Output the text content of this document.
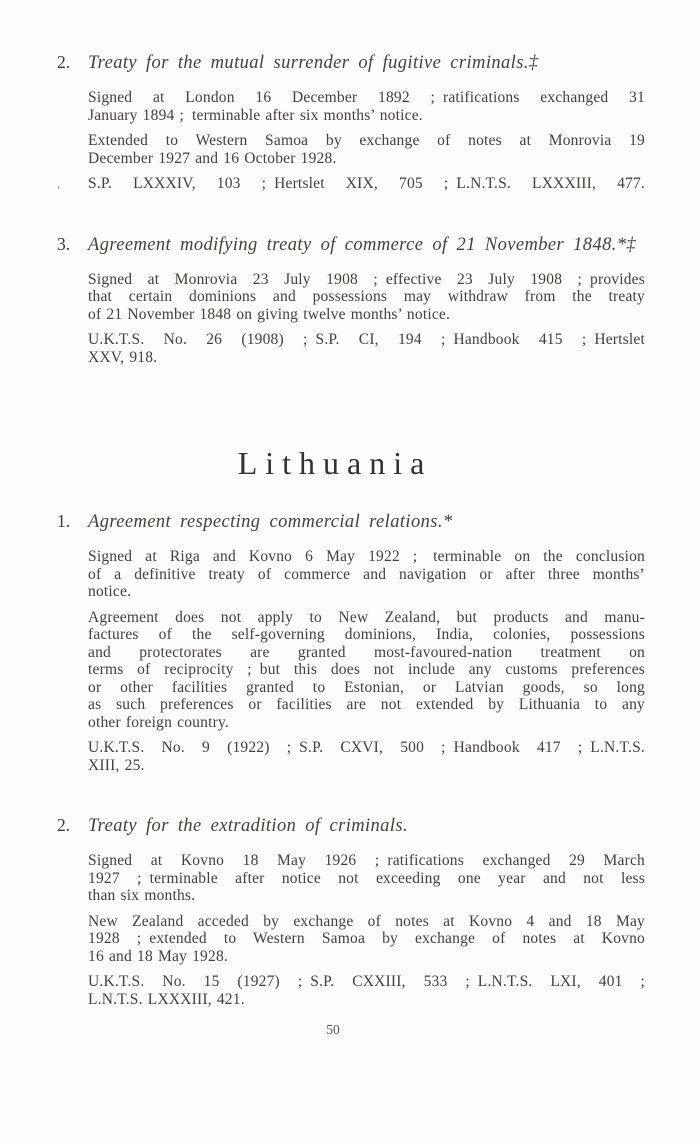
,
2. Treaty for the mutual surrender of fugitive criminals.‡
Signed at London 16 December 1892 ; ratifications exchanged 31
January 1894 ; terminable after six months’ notice.
Extended to Western Samoa by exchange of notes at Monrovia 19
December 1927 and 16 October 1928.
S.P. LXXXIV, 103 ; Hertslet XIX, 705 ; L.N.T.S. LXXXIII, 477.
3. Agreement modifying treaty of commerce of 21 November 1848.*‡
Signed at Monrovia 23 July 1908 ; effective 23 July 1908 ; provides
that certain dominions and possessions may withdraw from the treaty
of 21 November 1848 on giving twelve months’ notice.
U.K.T.S. No. 26 (1908) ; S.P. CI, 194 ; Handbook 415 ; Hertslet
XXV, 918.
Lithuania
1. Agreement respecting commercial relations.*
Signed at Riga and Kovno 6 May 1922 ; terminable on the conclusion
of a definitive treaty of commerce and navigation or after three months’
notice.
Agreement does not apply to New Zealand, but products and manu-
factures of the self-governing dominions, India, colonies, possessions
and protectorates are granted most-favoured-nation treatment on
terms of reciprocity ; but this does not include any customs preferences
or other facilities granted to Estonian, or Latvian goods, so long
as such preferences or facilities are not extended by Lithuania to any
other foreign country.
U.K.T.S. No. 9 (1922) ; S.P. CXVI, 500 ; Handbook 417 ; L.N.T.S.
XIII, 25.
2. Treaty for the extradition of criminals.
Signed at Kovno 18 May 1926 ; ratifications exchanged 29 March
1927 ; terminable after notice not exceeding one year and not less
than six months.
New Zealand acceded by exchange of notes at Kovno 4 and 18 May
1928 ; extended to Western Samoa by exchange of notes at Kovno
16 and 18 May 1928.
U.K.T.S. No. 15 (1927) ; S.P. CXXIII, 533 ; L.N.T.S. LXI, 401 ;
L.N.T.S. LXXXIII, 421.
50
